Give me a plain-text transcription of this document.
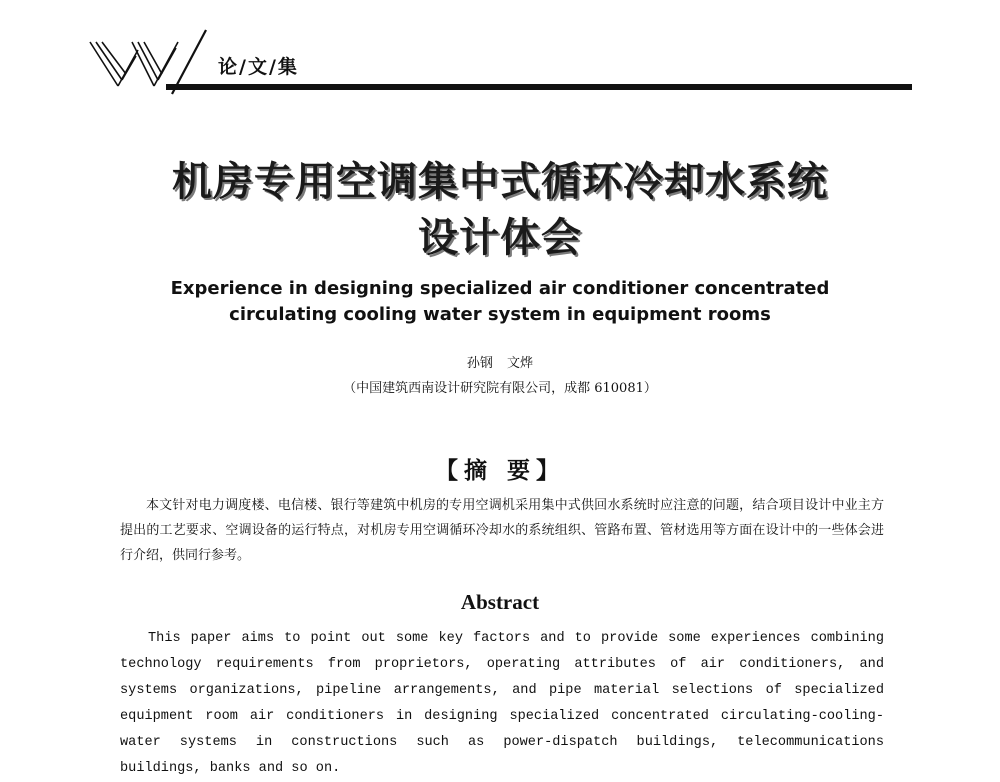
论/文/集
机房专用空调集中式循环冷却水系统
设计体会
Experience in designing specialized air conditioner concentrated
circulating cooling water system in equipment rooms
孙钢 文烨
（中国建筑西南设计研究院有限公司，成都 610081）
【摘 要】
本文针对电力调度楼、电信楼、银行等建筑中机房的专用空调机采用集中式供回水系统时应注意的问题，结合项目设计中业主方提出的工艺要求、空调设备的运行特点，对机房专用空调循环冷却水的系统组织、管路布置、管材选用等方面在设计中的一些体会进行介绍，供同行参考。
Abstract
This paper aims to point out some key factors and to provide some experiences combining technology requirements from proprietors, operating attributes of air conditioners, and systems organizations, pipeline arrangements, and pipe material selections of specialized equipment room air conditioners in designing specialized concentrated circulating-cooling-water systems in constructions such as power-dispatch buildings, telecommunications buildings, banks and so on.
